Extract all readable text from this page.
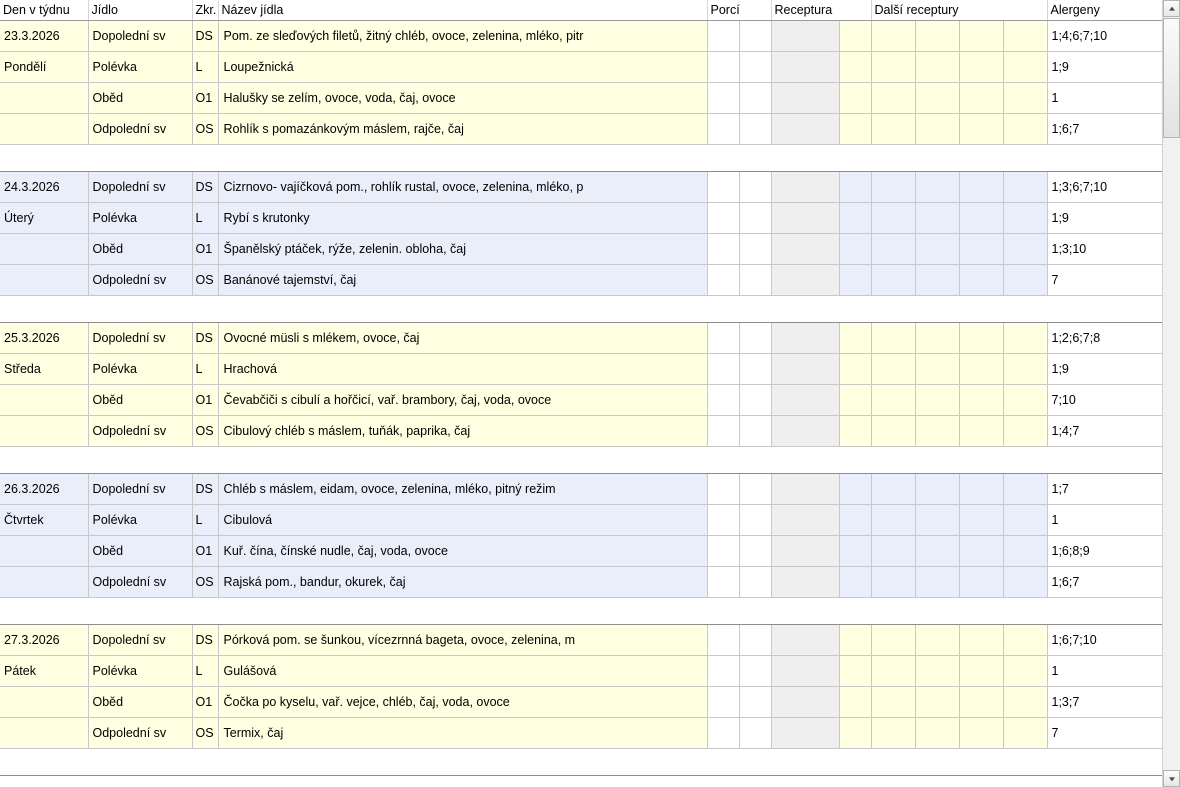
Den v týdnu	Jídlo	Zkr.	Název jídla	Porcí		Receptura		Další receptury				Alergeny	
23.3.2026	Dopolední sv	DS	Pom. ze sleďových filetů, žitný chléb, ovoce, zelenina, mléko, pitr									1;4;6;7;10	
Pondělí	Polévka	L	Loupežnická									1;9	
	Oběd	O1	Halušky se zelím, ovoce, voda, čaj, ovoce									1	
	Odpolední sv	OS	Rohlík s pomazánkovým máslem, rajče, čaj									1;6;7	

24.3.2026	Dopolední sv	DS	Cizrnovo- vajíčková pom., rohlík rustal, ovoce, zelenina, mléko, p									1;3;6;7;10	
Úterý	Polévka	L	Rybí s krutonky									1;9	
	Oběd	O1	Španělský ptáček, rýže, zelenin. obloha, čaj									1;3;10	
	Odpolední sv	OS	Banánové tajemství, čaj									7	

25.3.2026	Dopolední sv	DS	Ovocné müsli s mlékem, ovoce, čaj									1;2;6;7;8	
Středa	Polévka	L	Hrachová									1;9	
	Oběd	O1	Čevabčiči s cibulí a hořčicí, vař. brambory, čaj, voda, ovoce									7;10	
	Odpolední sv	OS	Cibulový chléb s máslem, tuňák, paprika, čaj									1;4;7	

26.3.2026	Dopolední sv	DS	Chléb s máslem, eidam, ovoce, zelenina, mléko, pitný režim									1;7	
Čtvrtek	Polévka	L	Cibulová									1	
	Oběd	O1	Kuř. čína, čínské nudle, čaj, voda, ovoce									1;6;8;9	
	Odpolední sv	OS	Rajská pom., bandur, okurek, čaj									1;6;7	

27.3.2026	Dopolední sv	DS	Pórková pom. se šunkou, vícezrnná bageta, ovoce, zelenina, m									1;6;7;10	
Pátek	Polévka	L	Gulášová									1	
	Oběd	O1	Čočka po kyselu, vař. vejce, chléb, čaj, voda, ovoce									1;3;7	
	Odpolední sv	OS	Termix, čaj									7	
